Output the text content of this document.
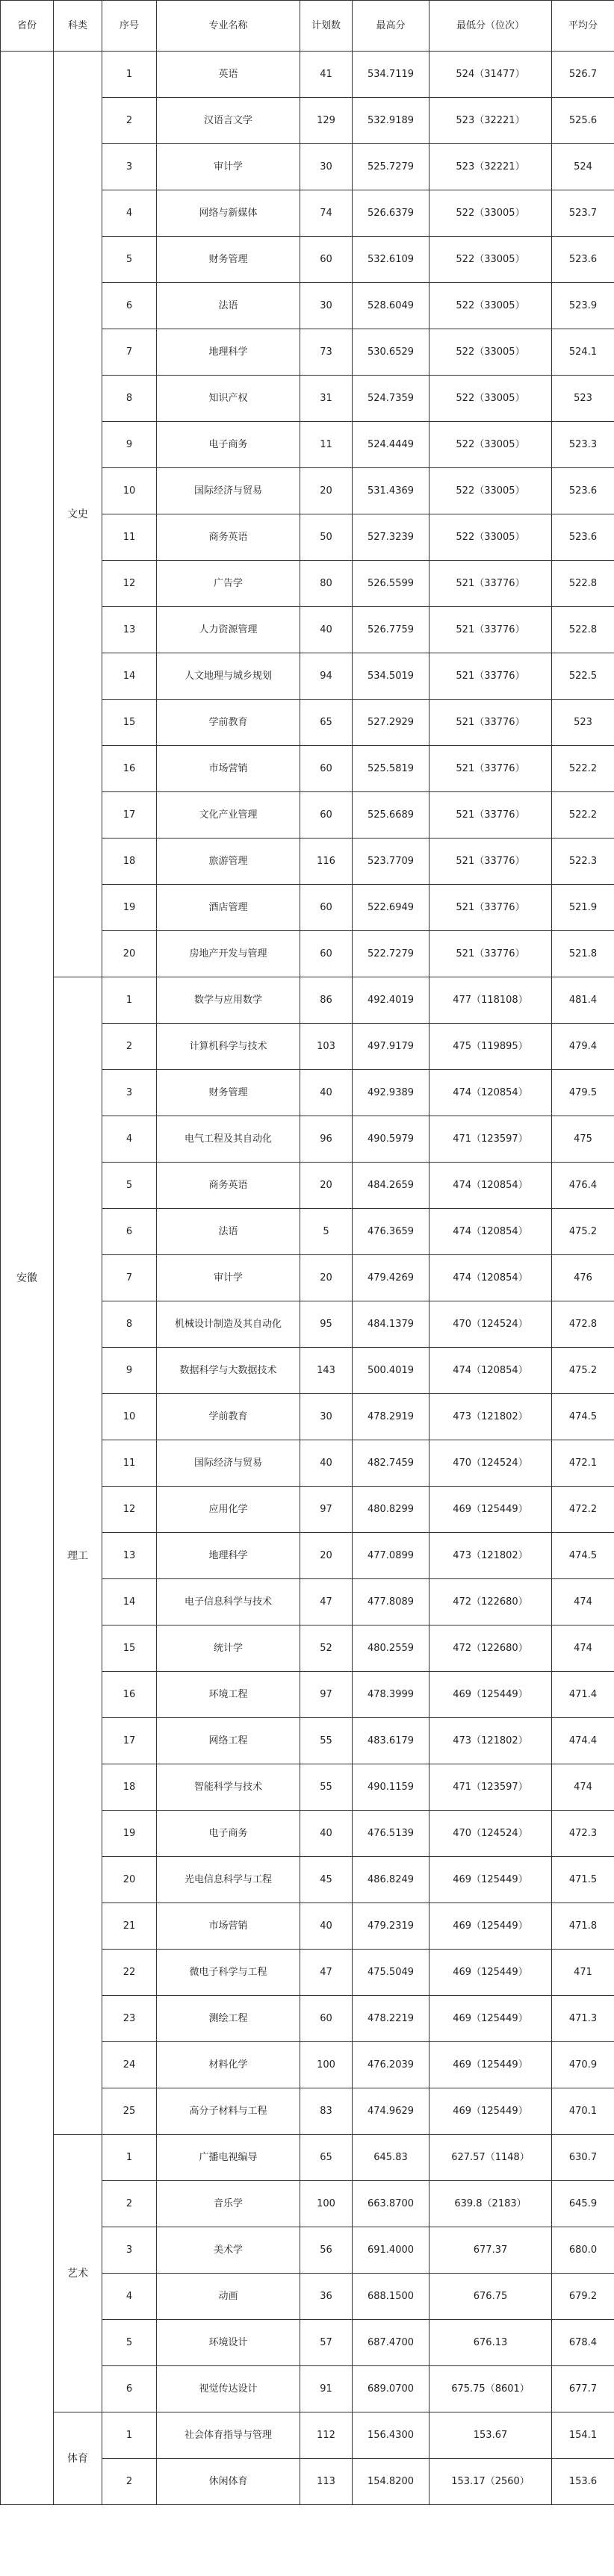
省份	科类	序号	专业名称	计划数	最高分	最低分（位次）	平均分
安徽	文史	1	英语	41	534.7119	524（31477）	526.7
		2	汉语言文学	129	532.9189	523（32221）	525.6
		3	审计学	30	525.7279	523（32221）	524
		4	网络与新媒体	74	526.6379	522（33005）	523.7
		5	财务管理	60	532.6109	522（33005）	523.6
		6	法语	30	528.6049	522（33005）	523.9
		7	地理科学	73	530.6529	522（33005）	524.1
		8	知识产权	31	524.7359	522（33005）	523
		9	电子商务	11	524.4449	522（33005）	523.3
		10	国际经济与贸易	20	531.4369	522（33005）	523.6
		11	商务英语	50	527.3239	522（33005）	523.6
		12	广告学	80	526.5599	521（33776）	522.8
		13	人力资源管理	40	526.7759	521（33776）	522.8
		14	人文地理与城乡规划	94	534.5019	521（33776）	522.5
		15	学前教育	65	527.2929	521（33776）	523
		16	市场营销	60	525.5819	521（33776）	522.2
		17	文化产业管理	60	525.6689	521（33776）	522.2
		18	旅游管理	116	523.7709	521（33776）	522.3
		19	酒店管理	60	522.6949	521（33776）	521.9
		20	房地产开发与管理	60	522.7279	521（33776）	521.8
	理工	1	数学与应用数学	86	492.4019	477（118108）	481.4
		2	计算机科学与技术	103	497.9179	475（119895）	479.4
		3	财务管理	40	492.9389	474（120854）	479.5
		4	电气工程及其自动化	96	490.5979	471（123597）	475
		5	商务英语	20	484.2659	474（120854）	476.4
		6	法语	5	476.3659	474（120854）	475.2
		7	审计学	20	479.4269	474（120854）	476
		8	机械设计制造及其自动化	95	484.1379	470（124524）	472.8
		9	数据科学与大数据技术	143	500.4019	474（120854）	475.2
		10	学前教育	30	478.2919	473（121802）	474.5
		11	国际经济与贸易	40	482.7459	470（124524）	472.1
		12	应用化学	97	480.8299	469（125449）	472.2
		13	地理科学	20	477.0899	473（121802）	474.5
		14	电子信息科学与技术	47	477.8089	472（122680）	474
		15	统计学	52	480.2559	472（122680）	474
		16	环境工程	97	478.3999	469（125449）	471.4
		17	网络工程	55	483.6179	473（121802）	474.4
		18	智能科学与技术	55	490.1159	471（123597）	474
		19	电子商务	40	476.5139	470（124524）	472.3
		20	光电信息科学与工程	45	486.8249	469（125449）	471.5
		21	市场营销	40	479.2319	469（125449）	471.8
		22	微电子科学与工程	47	475.5049	469（125449）	471
		23	测绘工程	60	478.2219	469（125449）	471.3
		24	材料化学	100	476.2039	469（125449）	470.9
		25	高分子材料与工程	83	474.9629	469（125449）	470.1
	艺术	1	广播电视编导	65	645.83	627.57（1148）	630.7
		2	音乐学	100	663.8700	639.8（2183）	645.9
		3	美术学	56	691.4000	677.37	680.0
		4	动画	36	688.1500	676.75	679.2
		5	环境设计	57	687.4700	676.13	678.4
		6	视觉传达设计	91	689.0700	675.75（8601）	677.7
	体育	1	社会体育指导与管理	112	156.4300	153.67	154.1
		2	休闲体育	113	154.8200	153.17（2560）	153.6
